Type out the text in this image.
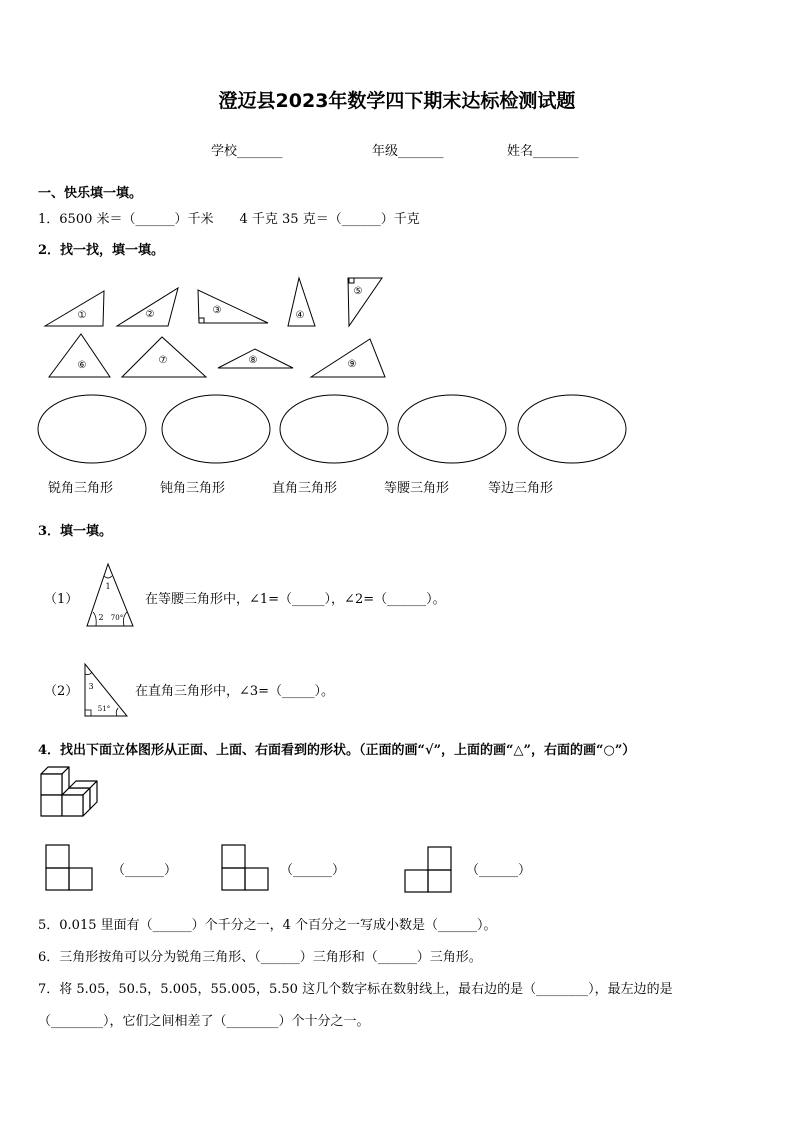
澄迈县2023年数学四下期末达标检测试题
学校_______	年级_______	姓名_______
一、快乐填一填。
1．6500 米＝（______）千米　　4 千克 35 克＝（______）千克
2．找一找，填一填。
①	②	③	④
⑤
⑥	⑦	⑧	⑨
锐角三角形	钝角三角形	直角三角形	等腰三角形	等边三角形
3．填一填。
（1）
1
2 70°
在等腰三角形中，∠1=（_____），∠2=（______）。
（2） 3
51°
在直角三角形中，∠3=（_____）。
4．找出下面立体图形从正面、上面、右面看到的形状。（正面的画“√”，上面的画“△”，右面的画“○”）
（______）	（______）	（______）
5．0.015 里面有（______）个千分之一，4 个百分之一写成小数是（______）。
6．三角形按角可以分为锐角三角形、（______）三角形和（______）三角形。
7．将 5.05，50.5，5.005，55.005，5.50 这几个数字标在数射线上，最右边的是（________），最左边的是
（________），它们之间相差了（________）个十分之一。
